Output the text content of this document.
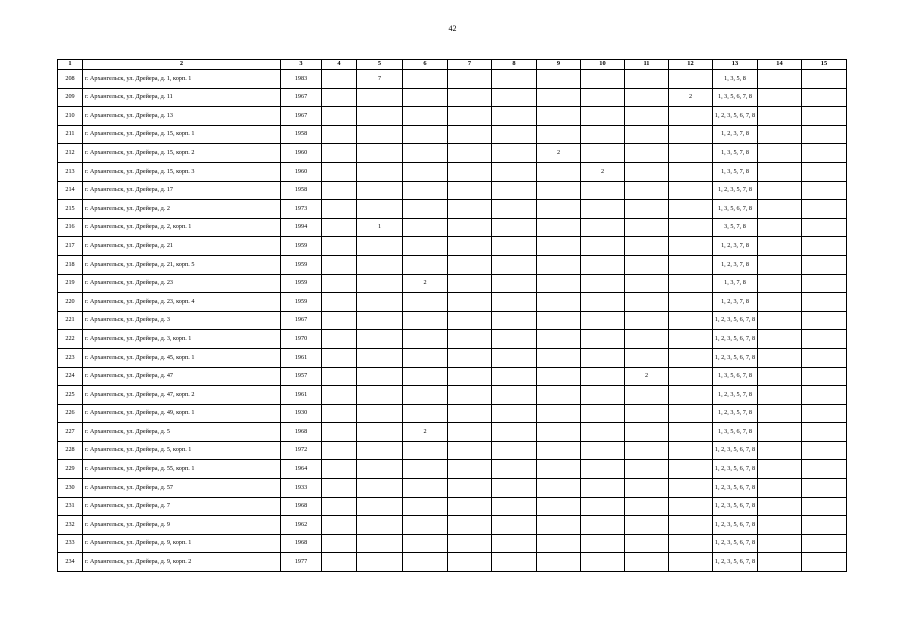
42
1	2	3	4	5	6	7	8	9	10	11	12	13	14	15
208	г. Архангельск, ул. Дрейера, д. 1, корп. 1	1983		7								1, 3, 5, 8		
209	г. Архангельск, ул. Дрейера, д. 11	1967									2	1, 3, 5, 6, 7, 8		
210	г. Архангельск, ул. Дрейера, д. 13	1967										1, 2, 3, 5, 6, 7, 8		
211	г. Архангельск, ул. Дрейера, д. 15, корп. 1	1958										1, 2, 3, 7, 8		
212	г. Архангельск, ул. Дрейера, д. 15, корп. 2	1960						2				1, 3, 5, 7, 8		
213	г. Архангельск, ул. Дрейера, д. 15, корп. 3	1960							2			1, 3, 5, 7, 8		
214	г. Архангельск, ул. Дрейера, д. 17	1958										1, 2, 3, 5, 7, 8		
215	г. Архангельск, ул. Дрейера, д. 2	1973										1, 3, 5, 6, 7, 8		
216	г. Архангельск, ул. Дрейера, д. 2, корп. 1	1994		1								3, 5, 7, 8		
217	г. Архангельск, ул. Дрейера, д. 21	1959										1, 2, 3, 7, 8		
218	г. Архангельск, ул. Дрейера, д. 21, корп. 5	1959										1, 2, 3, 7, 8		
219	г. Архангельск, ул. Дрейера, д. 23	1959			2							1, 3, 7, 8		
220	г. Архангельск, ул. Дрейера, д. 23, корп. 4	1959										1, 2, 3, 7, 8		
221	г. Архангельск, ул. Дрейера, д. 3	1967										1, 2, 3, 5, 6, 7, 8		
222	г. Архангельск, ул. Дрейера, д. 3, корп. 1	1970										1, 2, 3, 5, 6, 7, 8		
223	г. Архангельск, ул. Дрейера, д. 45, корп. 1	1961										1, 2, 3, 5, 6, 7, 8		
224	г. Архангельск, ул. Дрейера, д. 47	1957								2		1, 3, 5, 6, 7, 8		
225	г. Архангельск, ул. Дрейера, д. 47, корп. 2	1961										1, 2, 3, 5, 7, 8		
226	г. Архангельск, ул. Дрейера, д. 49, корп. 1	1930										1, 2, 3, 5, 7, 8		
227	г. Архангельск, ул. Дрейера, д. 5	1968			2							1, 3, 5, 6, 7, 8		
228	г. Архангельск, ул. Дрейера, д. 5, корп. 1	1972										1, 2, 3, 5, 6, 7, 8		
229	г. Архангельск, ул. Дрейера, д. 55, корп. 1	1964										1, 2, 3, 5, 6, 7, 8		
230	г. Архангельск, ул. Дрейера, д. 57	1933										1, 2, 3, 5, 6, 7, 8		
231	г. Архангельск, ул. Дрейера, д. 7	1968										1, 2, 3, 5, 6, 7, 8		
232	г. Архангельск, ул. Дрейера, д. 9	1962										1, 2, 3, 5, 6, 7, 8		
233	г. Архангельск, ул. Дрейера, д. 9, корп. 1	1968										1, 2, 3, 5, 6, 7, 8		
234	г. Архангельск, ул. Дрейера, д. 9, корп. 2	1977										1, 2, 3, 5, 6, 7, 8		
